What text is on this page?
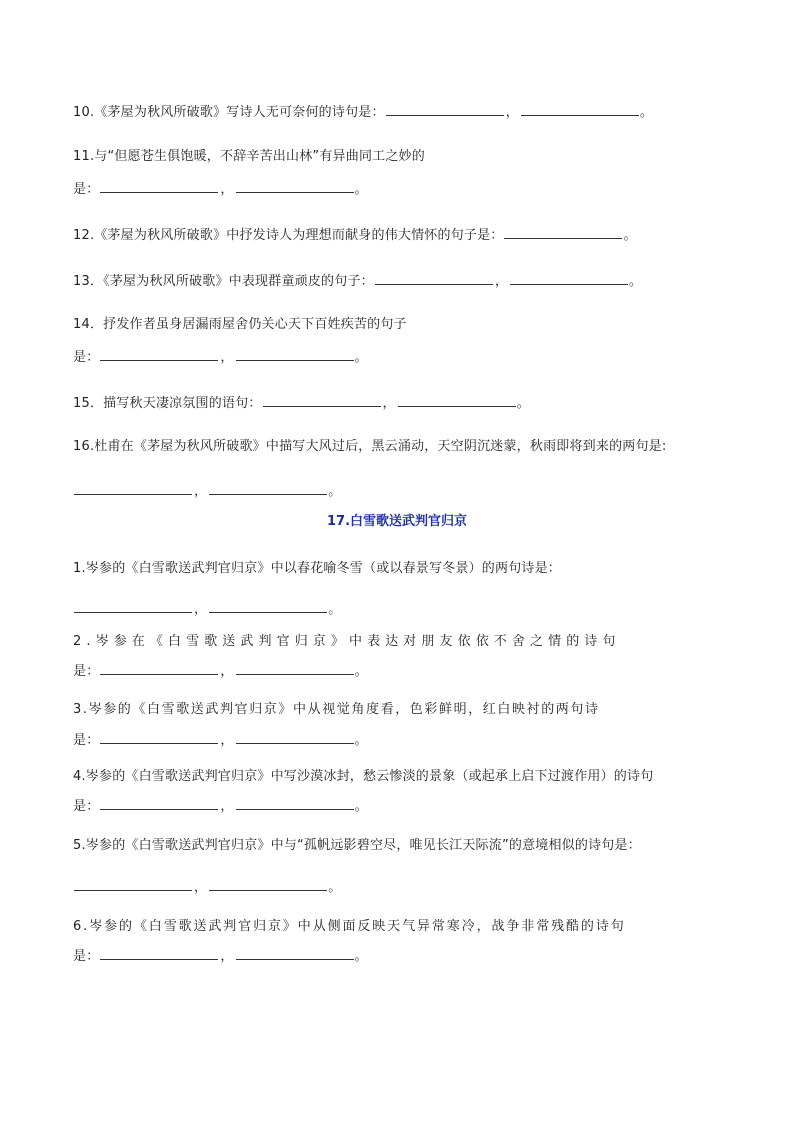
10.《茅屋为秋风所破歌》写诗人无可奈何的诗句是：	，	。
11.与“但愿苍生俱饱暖，不辞辛苦出山林”有异曲同工之妙的
是：	，	。
12.《茅屋为秋风所破歌》中抒发诗人为理想而献身的伟大情怀的句子是：	。
13．《茅屋为秋风所破歌》中表现群童顽皮的句子：	，	。
14．抒发作者虽身居漏雨屋舍仍关心天下百姓疾苦的句子
是：	，	。
15．描写秋天凄凉氛围的语句：	，	。
16.杜甫在《茅屋为秋风所破歌》中描写大风过后，黑云涌动，天空阴沉迷蒙，秋雨即将到来的两句是:
，	。
17.白雪歌送武判官归京
1.岑参的《白雪歌送武判官归京》中以春花喻冬雪（或以春景写冬景）的两句诗是：
，	。
2.岑参在《白雪歌送武判官归京》中表达对朋友依依不舍之情的诗句
是：	，	。
3.岑参的《白雪歌送武判官归京》中从视觉角度看，色彩鲜明，红白映衬的两句诗
是：	，	。
4.岑参的《白雪歌送武判官归京》中写沙漠冰封，愁云惨淡的景象（或起承上启下过渡作用）的诗句
是：	，	。
5.岑参的《白雪歌送武判官归京》中与“孤帆远影碧空尽，唯见长江天际流”的意境相似的诗句是：
，	。
6.岑参的《白雪歌送武判官归京》中从侧面反映天气异常寒冷，战争非常残酷的诗句
是：	，	。
